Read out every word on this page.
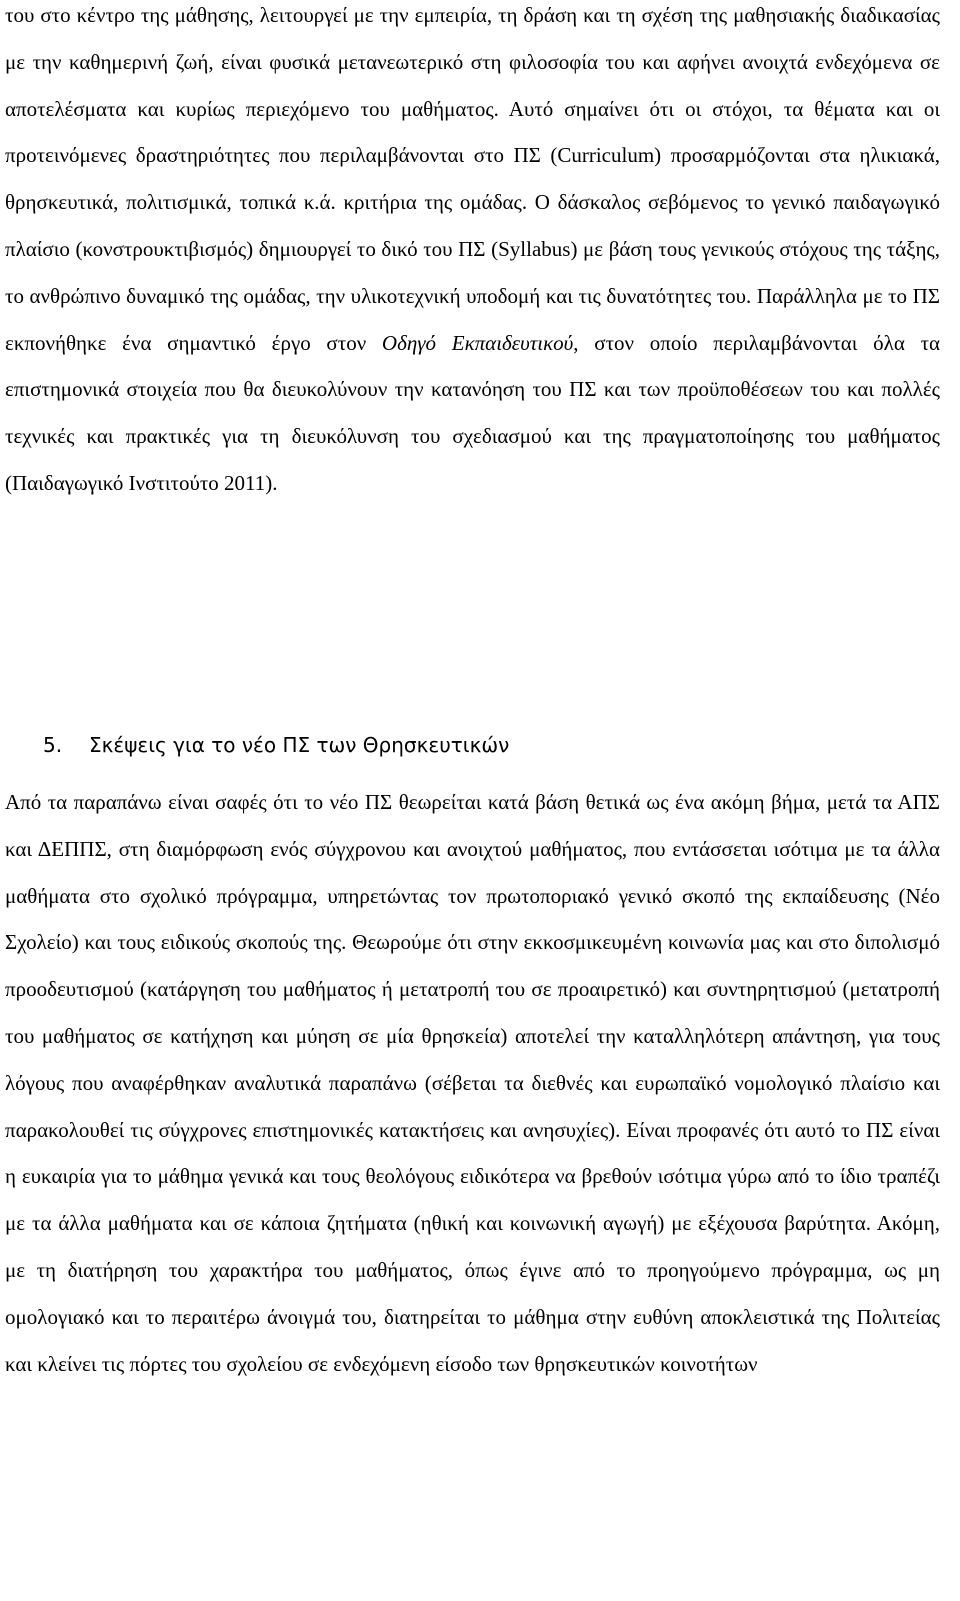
του στο κέντρο της μάθησης, λειτουργεί με την εμπειρία, τη δράση και τη σχέση της μαθησιακής διαδικασίας με την καθημερινή ζωή, είναι φυσικά μετανεωτερικό στη φιλοσοφία του και αφήνει ανοιχτά ενδεχόμενα σε αποτελέσματα και κυρίως περιεχόμενο του μαθήματος. Αυτό σημαίνει ότι οι στόχοι, τα θέματα και οι προτεινόμενες δραστηριότητες που περιλαμβάνονται στο ΠΣ (Curriculum) προσαρμόζονται στα ηλικιακά, θρησκευτικά, πολιτισμικά, τοπικά κ.ά. κριτήρια της ομάδας. Ο δάσκαλος σεβόμενος το γενικό παιδαγωγικό πλαίσιο (κονστρουκτιβισμός) δημιουργεί το δικό του ΠΣ (Syllabus) με βάση τους γενικούς στόχους της τάξης, το ανθρώπινο δυναμικό της ομάδας, την υλικοτεχνική υποδομή και τις δυνατότητες του. Παράλληλα με το ΠΣ εκπονήθηκε ένα σημαντικό έργο στον Οδηγό Εκπαιδευτικού, στον οποίο περιλαμβάνονται όλα τα επιστημονικά στοιχεία που θα διευκολύνουν την κατανόηση του ΠΣ και των προϋποθέσεων του και πολλές τεχνικές και πρακτικές για τη διευκόλυνση του σχεδιασμού και της πραγματοποίησης του μαθήματος (Παιδαγωγικό Ινστιτούτο 2011).

5. Σκέψεις για το νέο ΠΣ των Θρησκευτικών

Από τα παραπάνω είναι σαφές ότι το νέο ΠΣ θεωρείται κατά βάση θετικά ως ένα ακόμη βήμα, μετά τα ΑΠΣ και ΔΕΠΠΣ, στη διαμόρφωση ενός σύγχρονου και ανοιχτού μαθήματος, που εντάσσεται ισότιμα με τα άλλα μαθήματα στο σχολικό πρόγραμμα, υπηρετώντας τον πρωτοποριακό γενικό σκοπό της εκπαίδευσης (Νέο Σχολείο) και τους ειδικούς σκοπούς της. Θεωρούμε ότι στην εκκοσμικευμένη κοινωνία μας και στο διπολισμό προοδευτισμού (κατάργηση του μαθήματος ή μετατροπή του σε προαιρετικό) και συντηρητισμού (μετατροπή του μαθήματος σε κατήχηση και μύηση σε μία θρησκεία) αποτελεί την καταλληλότερη απάντηση, για τους λόγους που αναφέρθηκαν αναλυτικά παραπάνω (σέβεται τα διεθνές και ευρωπαϊκό νομολογικό πλαίσιο και παρακολουθεί τις σύγχρονες επιστημονικές κατακτήσεις και ανησυχίες). Είναι προφανές ότι αυτό το ΠΣ είναι η ευκαιρία για το μάθημα γενικά και τους θεολόγους ειδικότερα να βρεθούν ισότιμα γύρω από το ίδιο τραπέζι με τα άλλα μαθήματα και σε κάποια ζητήματα (ηθική και κοινωνική αγωγή) με εξέχουσα βαρύτητα. Ακόμη, με τη διατήρηση του χαρακτήρα του μαθήματος, όπως έγινε από το προηγούμενο πρόγραμμα, ως μη ομολογιακό και το περαιτέρω άνοιγμά του, διατηρείται το μάθημα στην ευθύνη αποκλειστικά της Πολιτείας και κλείνει τις πόρτες του σχολείου σε ενδεχόμενη είσοδο των θρησκευτικών κοινοτήτων
